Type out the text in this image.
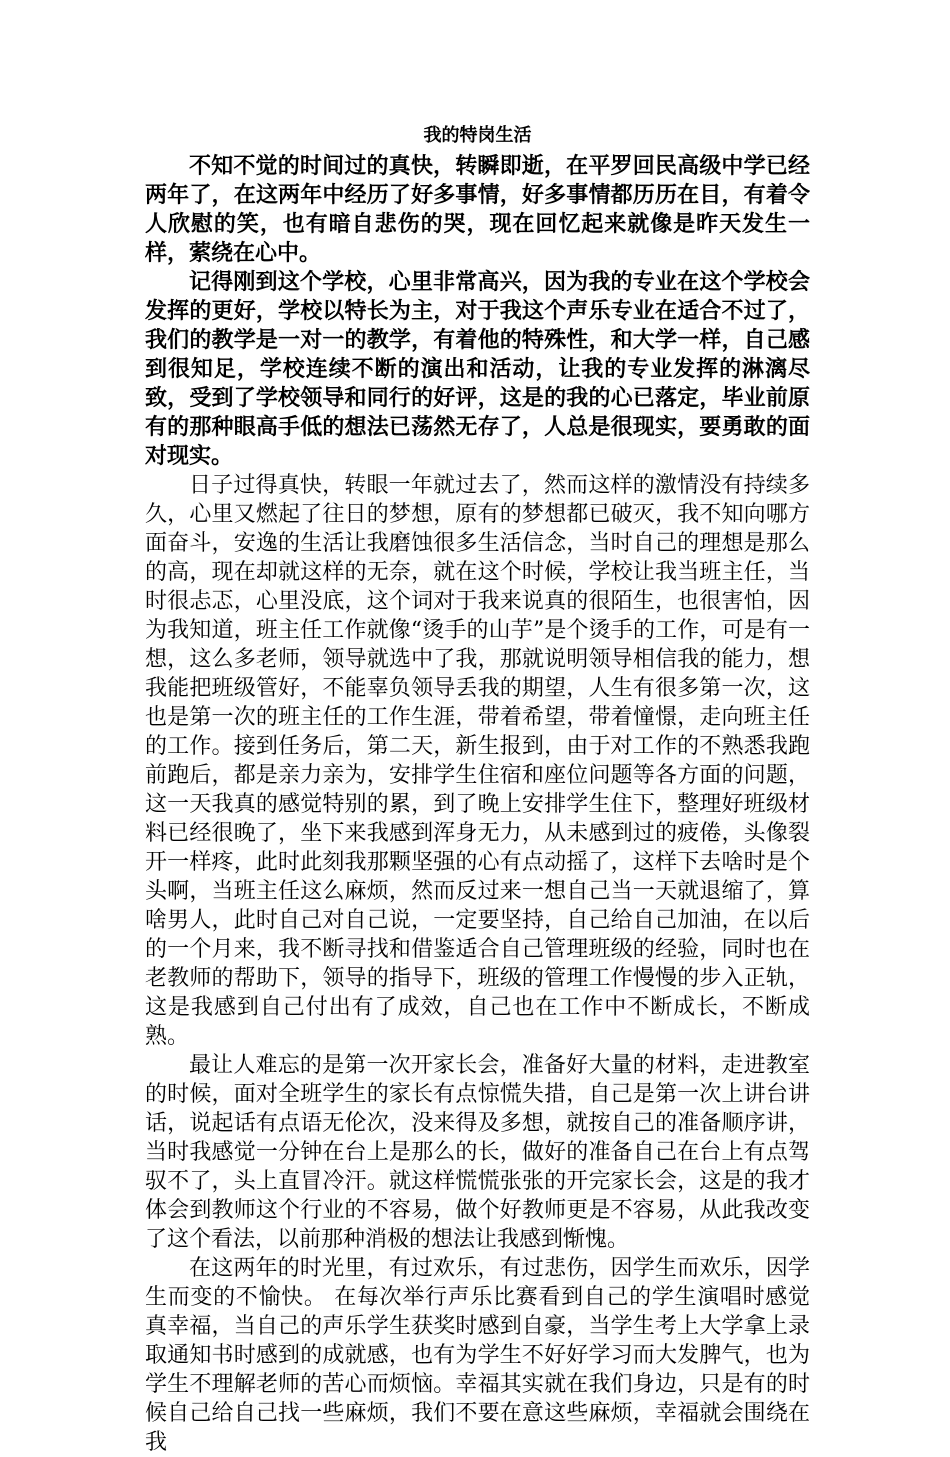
我的特岗生活

不知不觉的时间过的真快，转瞬即逝，在平罗回民高级中学已经两年了，在这两年中经历了好多事情，好多事情都历历在目，有着令人欣慰的笑，也有暗自悲伤的哭，现在回忆起来就像是昨天发生一样，萦绕在心中。

记得刚到这个学校，心里非常高兴，因为我的专业在这个学校会发挥的更好，学校以特长为主，对于我这个声乐专业在适合不过了，我们的教学是一对一的教学，有着他的特殊性，和大学一样，自己感到很知足，学校连续不断的演出和活动，让我的专业发挥的淋漓尽致，受到了学校领导和同行的好评，这是的我的心已落定，毕业前原有的那种眼高手低的想法已荡然无存了，人总是很现实，要勇敢的面对现实。

日子过得真快，转眼一年就过去了，然而这样的激情没有持续多久，心里又燃起了往日的梦想，原有的梦想都已破灭，我不知向哪方面奋斗，安逸的生活让我磨蚀很多生活信念，当时自己的理想是那么的高，现在却就这样的无奈，就在这个时候，学校让我当班主任，当时很忐忑，心里没底，这个词对于我来说真的很陌生，也很害怕，因为我知道，班主任工作就像“烫手的山芋”是个烫手的工作，可是有一想，这么多老师，领导就选中了我，那就说明领导相信我的能力，想我能把班级管好，不能辜负领导丢我的期望，人生有很多第一次，这也是第一次的班主任的工作生涯，带着希望，带着憧憬，走向班主任的工作。接到任务后，第二天，新生报到，由于对工作的不熟悉我跑前跑后，都是亲力亲为，安排学生住宿和座位问题等各方面的问题，这一天我真的感觉特别的累，到了晚上安排学生住下，整理好班级材料已经很晚了，坐下来我感到浑身无力，从未感到过的疲倦，头像裂开一样疼，此时此刻我那颗坚强的心有点动摇了，这样下去啥时是个头啊，当班主任这么麻烦，然而反过来一想自己当一天就退缩了，算啥男人，此时自己对自己说，一定要坚持，自己给自己加油，在以后的一个月来，我不断寻找和借鉴适合自己管理班级的经验，同时也在老教师的帮助下，领导的指导下，班级的管理工作慢慢的步入正轨，这是我感到自己付出有了成效，自己也在工作中不断成长，不断成熟。

最让人难忘的是第一次开家长会，准备好大量的材料，走进教室的时候，面对全班学生的家长有点惊慌失措，自己是第一次上讲台讲话，说起话有点语无伦次，没来得及多想，就按自己的准备顺序讲，当时我感觉一分钟在台上是那么的长，做好的准备自己在台上有点驾驭不了，头上直冒冷汗。就这样慌慌张张的开完家长会，这是的我才体会到教师这个行业的不容易，做个好教师更是不容易，从此我改变了这个看法，以前那种消极的想法让我感到惭愧。

在这两年的时光里，有过欢乐，有过悲伤，因学生而欢乐，因学生而变的不愉快。 在每次举行声乐比赛看到自己的学生演唱时感觉真幸福，当自己的声乐学生获奖时感到自豪，当学生考上大学拿上录取通知书时感到的成就感，也有为学生不好好学习而大发脾气，也为学生不理解老师的苦心而烦恼。幸福其实就在我们身边，只是有的时候自己给自己找一些麻烦，我们不要在意这些麻烦，幸福就会围绕在我
